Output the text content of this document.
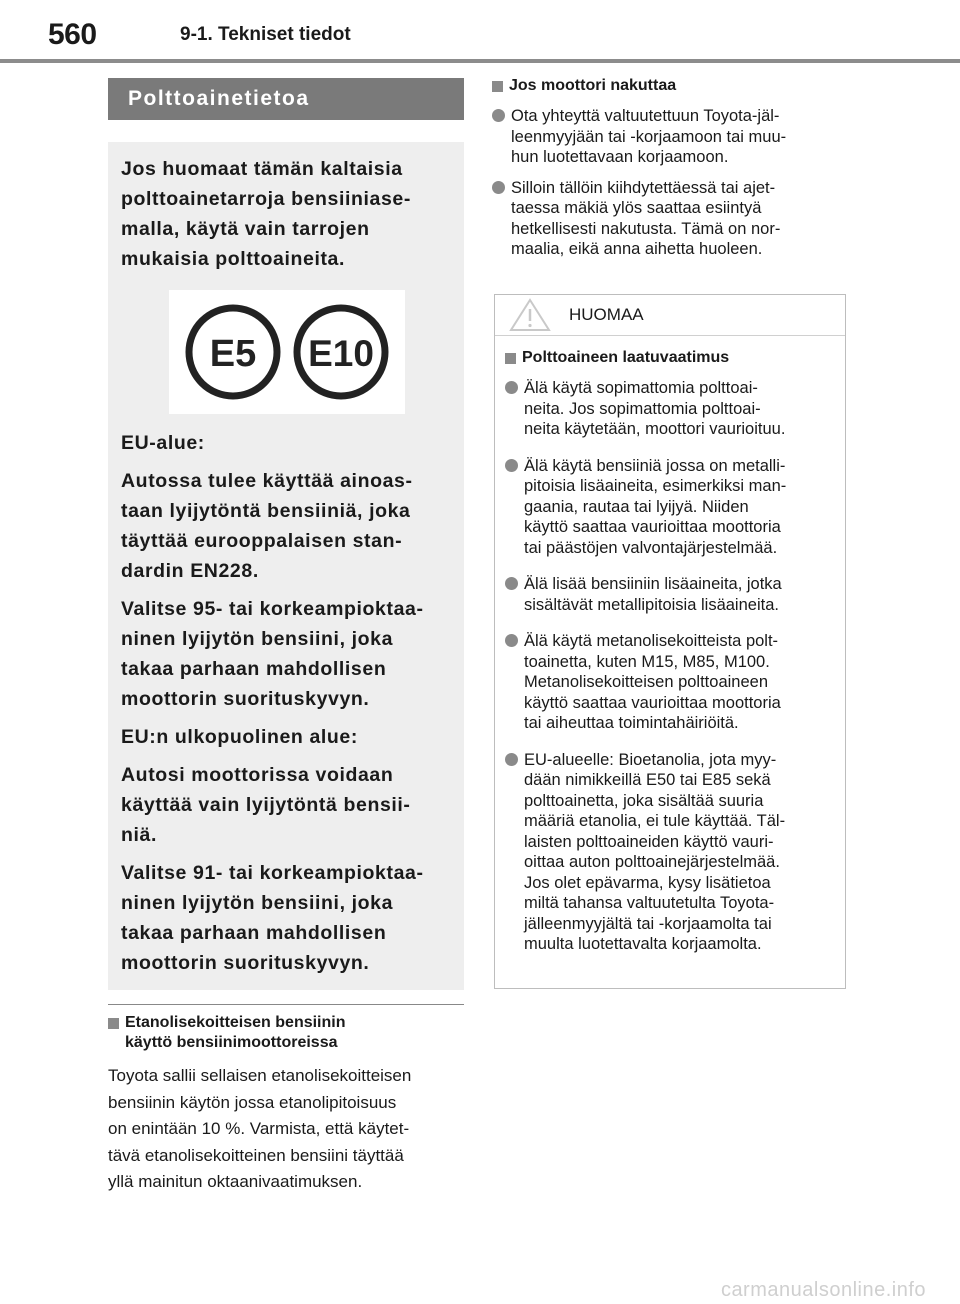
560	9-1. Tekniset tiedot
Polttoainetietoa

Jos huomaat tämän kaltaisia
polttoainetarroja bensiiniase-
malla, käytä vain tarrojen
mukaisia polttoaineita.

E5 E10

EU-alue:

Autossa tulee käyttää ainoas-
taan lyijytöntä bensiiniä, joka
täyttää eurooppalaisen stan-
dardin EN228.

Valitse 95- tai korkeampioktaa-
ninen lyijytön bensiini, joka
takaa parhaan mahdollisen
moottorin suorituskyvyn.

EU:n ulkopuolinen alue:

Autosi moottorissa voidaan
käyttää vain lyijytöntä bensii-
niä.

Valitse 91- tai korkeampioktaa-
ninen lyijytön bensiini, joka
takaa parhaan mahdollisen
moottorin suorituskyvyn.

Etanolisekoitteisen bensiinin
käyttö bensiinimoottoreissa

Toyota sallii sellaisen etanolisekoitteisen
bensiinin käytön jossa etanolipitoisuus
on enintään 10 %. Varmista, että käytet-
tävä etanolisekoitteinen bensiini täyttää
yllä mainitun oktaanivaatimuksen.

Jos moottori nakuttaa
Ota yhteyttä valtuutettuun Toyota-jäl-
leenmyyjään tai -korjaamoon tai muu-
hun luotettavaan korjaamoon.
Silloin tällöin kiihdytettäessä tai ajet-
taessa mäkiä ylös saattaa esiintyä
hetkellisesti nakutusta. Tämä on nor-
maalia, eikä anna aihetta huoleen.
HUOMAA
Polttoaineen laatuvaatimus
Älä käytä sopimattomia polttoai-
neita. Jos sopimattomia polttoai-
neita käytetään, moottori vaurioituu.
Älä käytä bensiiniä jossa on metalli-
pitoisia lisäaineita, esimerkiksi man-
gaania, rautaa tai lyijyä. Niiden
käyttö saattaa vaurioittaa moottoria
tai päästöjen valvontajärjestelmää.
Älä lisää bensiiniin lisäaineita, jotka
sisältävät metallipitoisia lisäaineita.
Älä käytä metanolisekoitteista polt-
toainetta, kuten M15, M85, M100.
Metanolisekoitteisen polttoaineen
käyttö saattaa vaurioittaa moottoria
tai aiheuttaa toimintahäiriöitä.
EU-alueelle: Bioetanolia, jota myy-
dään nimikkeillä E50 tai E85 sekä
polttoainetta, joka sisältää suuria
määriä etanolia, ei tule käyttää. Täl-
laisten polttoaineiden käyttö vauri-
oittaa auton polttoainejärjestelmää.
Jos olet epävarma, kysy lisätietoa
miltä tahansa valtuutetulta Toyota-
jälleenmyyjältä tai -korjaamolta tai
muulta luotettavalta korjaamolta.
carmanualsonline.info
